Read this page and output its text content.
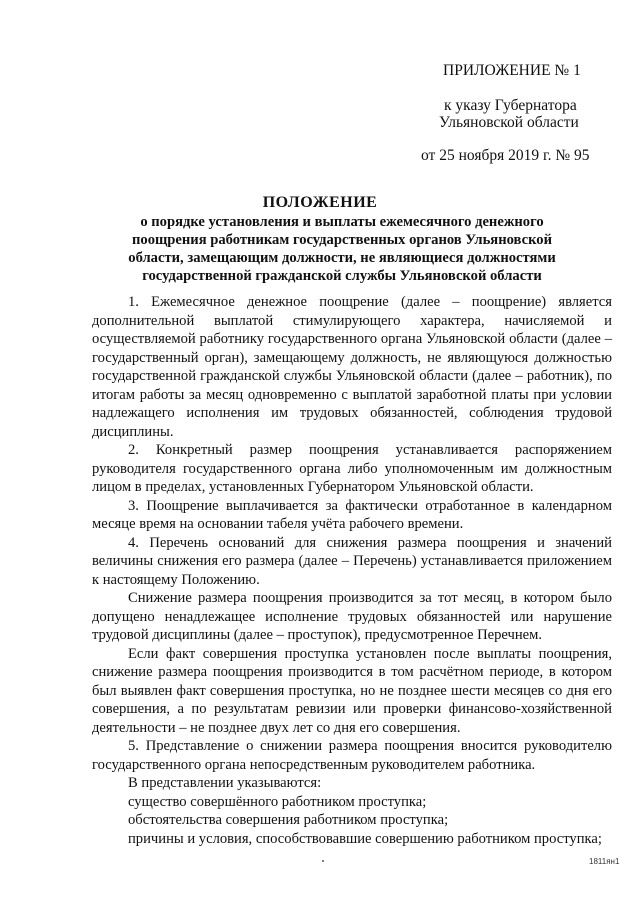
ПРИЛОЖЕНИЕ № 1
к указу Губернатора
Ульяновской области
от 25 ноября 2019 г. № 95
ПОЛОЖЕНИЕ
о порядке установления и выплаты ежемесячного денежного
поощрения работникам государственных органов Ульяновской
области, замещающим должности, не являющиеся должностями
государственной гражданской службы Ульяновской области

1. Ежемесячное денежное поощрение (далее – поощрение) является дополнительной выплатой стимулирующего характера, начисляемой и осуществляемой работнику государственного органа Ульяновской области (далее – государственный орган), замещающему должность, не являющуюся должностью государственной гражданской службы Ульяновской области (далее – работник), по итогам работы за месяц одновременно с выплатой заработной платы при условии надлежащего исполнения им трудовых обязанностей, соблюдения трудовой дисциплины.

2. Конкретный размер поощрения устанавливается распоряжением руководителя государственного органа либо уполномоченным им должностным лицом в пределах, установленных Губернатором Ульяновской области.

3. Поощрение выплачивается за фактически отработанное в календарном месяце время на основании табеля учёта рабочего времени.

4. Перечень оснований для снижения размера поощрения и значений величины снижения его размера (далее – Перечень) устанавливается приложением к настоящему Положению.

Снижение размера поощрения производится за тот месяц, в котором было допущено ненадлежащее исполнение трудовых обязанностей или нарушение трудовой дисциплины (далее – проступок), предусмотренное Перечнем.

Если факт совершения проступка установлен после выплаты поощрения, снижение размера поощрения производится в том расчётном периоде, в котором был выявлен факт совершения проступка, но не позднее шести месяцев со дня его совершения, а по результатам ревизии или проверки финансово-хозяйственной деятельности – не позднее двух лет со дня его совершения.

5. Представление о снижении размера поощрения вносится руководителю государственного органа непосредственным руководителем работника.

В представлении указываются:

существо совершённого работником проступка;

обстоятельства совершения работником проступка;

причины и условия, способствовавшие совершению работником проступка;

1811ян1
